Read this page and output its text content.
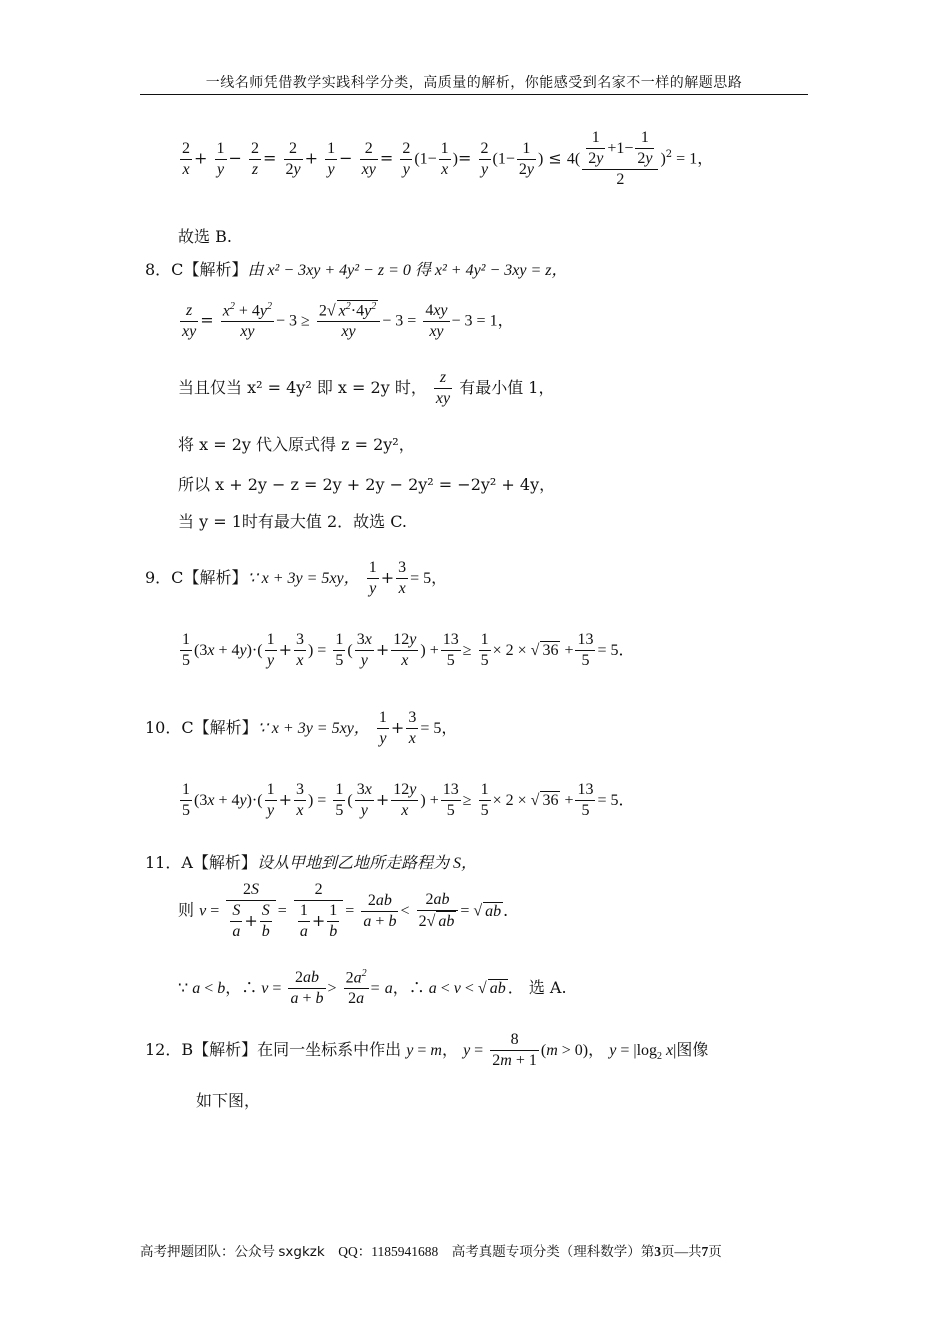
一线名师凭借教学实践科学分类，高质量的解析，你能感受到名家不一样的解题思路
$\frac{2}{x} + \frac{1}{y} - \frac{2}{z} = \frac{2}{2y} + \frac{1}{y} - \frac{2}{xy} = \frac{2}{y} (1- \frac{1}{x}$ )= $\frac{2}{y} (1- \frac{1}{2y}$ ) ≤ $4( \frac{\frac{1}{2y} +1- \frac{1}{2y}}{2} )^2 = 1$，
故选 B.
8．C【解析】由 x² − 3xy + 4y² − z = 0 得 x² + 4y² − 3xy = z，
$\frac{z}{xy} = \frac{x^2 + 4y^2}{xy} - 3 \ge \frac{2√ x^2\cdot 4y^2}{xy} - 3 = \frac{4xy}{xy} - 3 = 1$，
当且仅当 x² = 4y² 即 x = 2y 时， $\frac{z}{xy}$ 有最小值 1，
将 x = 2y 代入原式得 z = 2y²，
所以 x + 2y − z = 2y + 2y − 2y² = −2y² + 4y，
当 y = 1时有最大值 2．故选 C.
9．C【解析】∵ x + 3y = 5xy， $\frac{1}{y} + \frac{3}{x} = 5$，
$\frac{1}{5} (3x + 4y)\cdot( \frac{1}{y} + \frac{3}{x}$ ) = $\frac{1}{5}$ ( $\frac{3x}{y} + \frac{12y}{x}$ ) + $\frac{13}{5} \ge \frac{1}{5} \times 2$ × √ $36 + \frac{13}{5} = 5$．
10．C【解析】∵ x + 3y = 5xy， $\frac{1}{y} + \frac{3}{x} = 5$，
$\frac{1}{5} (3x + 4y)\cdot( \frac{1}{y} + \frac{3}{x}$ ) = $\frac{1}{5}$ ( $\frac{3x}{y} + \frac{12y}{x}$ ) + $\frac{13}{5} \ge \frac{1}{5} \times 2$ × √ $36 + \frac{13}{5} = 5$．
11．A【解析】设从甲地到乙地所走路程为 S，
则 $v = \frac{2S}{\frac{S}{a} + \frac{S}{b}} = \frac{2}{\frac{1}{a} + \frac{1}{b}} = \frac{2ab}{a + b} < \frac{2ab}{2√ ab}$ = √ ab ．
∵ a < b，∴ $v = \frac{2ab}{a + b} > \frac{2a^2}{2a} = a$，∴ a < v < √ ab ． 选 A.
12．B【解析】在同一坐标系中作出 y = m， $y = \frac{8}{2m + 1} (m > 0)$， $y = |\log_2$ x|图像
如下图，
高考押题团队：公众号 sxgkzk QQ：1185941688 高考真题专项分类（理科数学）第3页—共7页
